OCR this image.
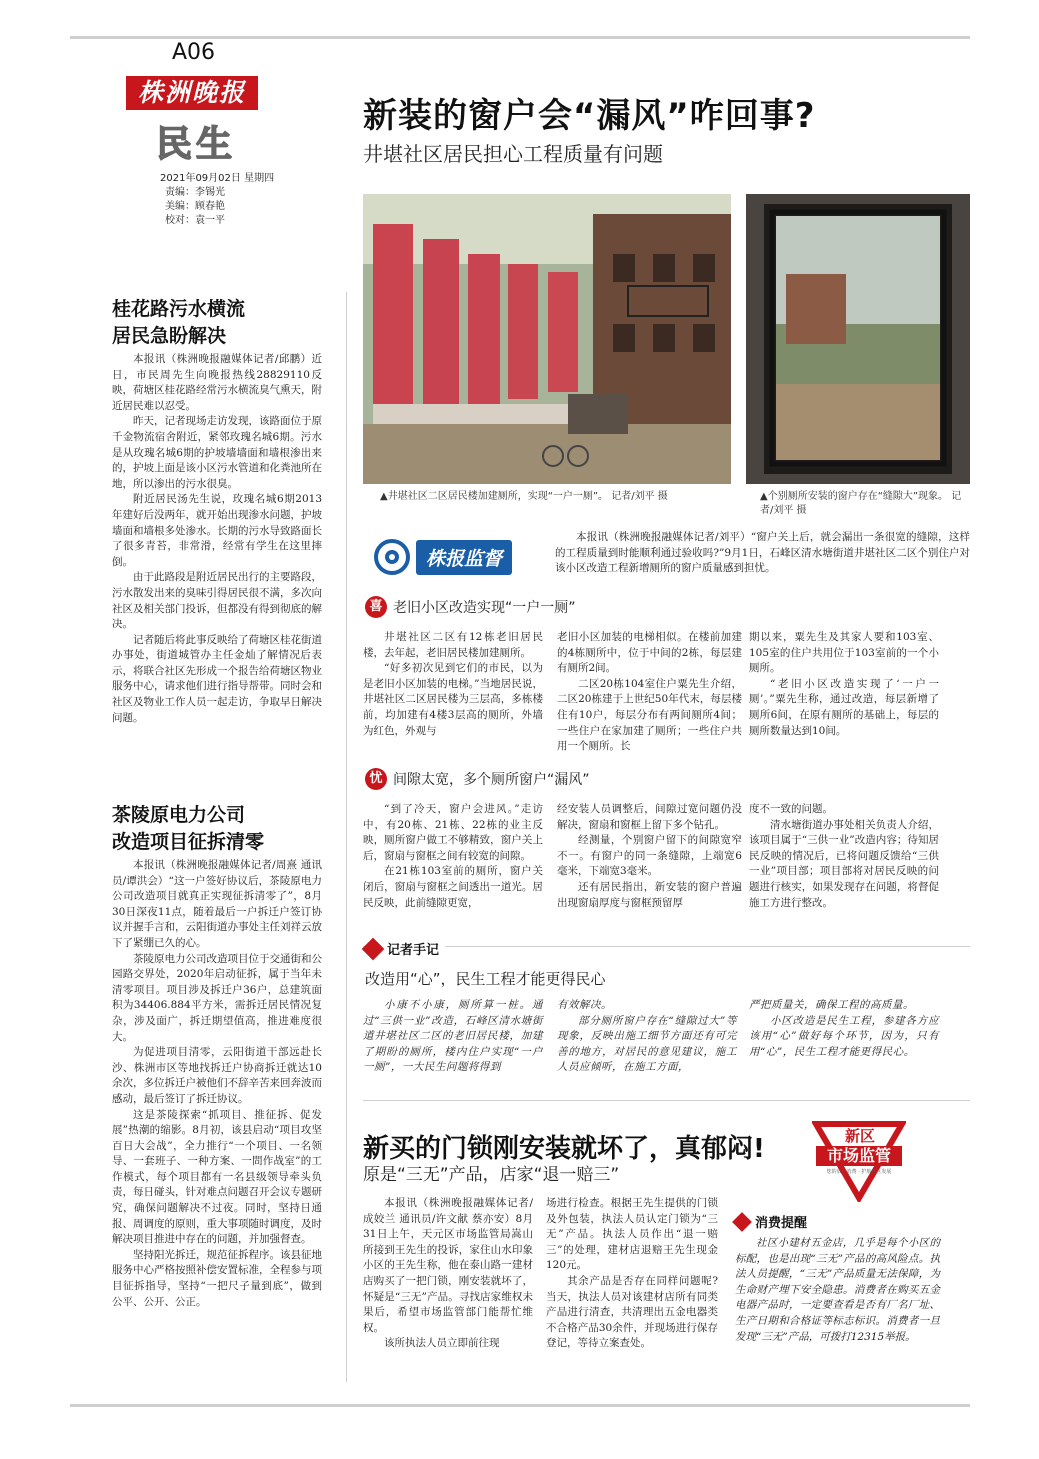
A06
株洲晚报
民生
2021年09月02日 星期四
责编：李锡光
美编：顾春艳
校对：袁一平
新装的窗户会“漏风”咋回事?
井堪社区居民担心工程质量有问题
桂花路污水横流
居民急盼解决

本报讯（株洲晚报融媒体记者/邱鹏）近日，市民周先生向晚报热线28829110反映，荷塘区桂花路经常污水横流臭气熏天，附近居民难以忍受。

昨天，记者现场走访发现，该路面位于原千金物流宿舍附近，紧邻玫瑰名城6期。污水是从玫瑰名城6期的护坡墙墙面和墙根渗出来的，护坡上面是该小区污水管道和化粪池所在地，所以渗出的污水很臭。

附近居民汤先生说，玫瑰名城6期2013年建好后没两年，就开始出现渗水问题，护坡墙面和墙根多处渗水。长期的污水导致路面长了很多青苔，非常滑，经常有学生在这里摔倒。

由于此路段是附近居民出行的主要路段，污水散发出来的臭味引得居民很不满，多次向社区及相关部门投诉，但都没有得到彻底的解决。

记者随后将此事反映给了荷塘区桂花街道办事处，街道城管办主任金灿了解情况后表示，将联合社区先形成一个报告给荷塘区物业服务中心，请求他们进行指导帮带。同时会和社区及物业工作人员一起走访，争取早日解决问题。

茶陵原电力公司
改造项目征拆清零

本报讯（株洲晚报融媒体记者/周熹 通讯员/谭洪会）“这一户签好协议后，茶陵原电力公司改造项目就真正实现征拆清零了”，8月30日深夜11点，随着最后一户拆迁户签订协议并握手言和，云阳街道办事处主任刘祥云放下了紧绷已久的心。

茶陵原电力公司改造项目位于交通街和公园路交界处，2020年启动征拆，属于当年未清零项目。项目涉及拆迁户36户，总建筑面积为34406.884平方米，需拆迁居民情况复杂，涉及面广，拆迁期望值高，推进难度很大。

为促进项目清零，云阳街道干部远赴长沙、株洲市区等地找拆迁户协商拆迁就达10余次，多位拆迁户被他们不辞辛苦来回奔波而感动，最后签订了拆迁协议。

这是茶陵探索“抓项目、推征拆、促发展”热潮的缩影。8月初，该县启动“项目攻坚百日大会战”，全力推行“一个项目、一名领导、一套班子、一种方案、一問作战室”的工作模式，每个项目都有一名县级领导牵头负责，每日碰头，针对难点问题召开会议专题研究，确保问题解决不过夜。同时，坚持日通报、周调度的原则，重大事项随时调度，及时解决项目推进中存在的问题，并加强督查。

坚持阳光拆迁，规范征拆程序。该县征地服务中心严格按照补偿安置标准，全程参与项目征拆指导，坚持“一把尺子量到底”，做到公平、公开、公正。

▲井堪社区二区居民楼加建厕所，实现“一户一厕”。 记者/刘平 摄	▲个别厕所安装的窗户存在“缝隙大”现象。 记者/刘平 摄
株报监督

本报讯（株洲晚报融媒体记者/刘平）“窗户关上后，就会漏出一条很宽的缝隙，这样的工程质量到时能顺利通过验收吗?”9月1日，石峰区清水塘街道井堪社区二区个别住户对该小区改造工程新增厕所的窗户质量感到担忧。

喜 老旧小区改造实现“一户一厕”

井堪社区二区有12栋老旧居民楼，去年起，老旧居民楼加建厕所。

“好多初次见到它们的市民，以为是老旧小区加装的电梯。”当地居民说，井堪社区二区居民楼为三层高，多栋楼前，均加建有4楼3层高的厕所，外墙为红色，外观与

老旧小区加装的电梯相似。在楼前加建的4栋厕所中，位于中间的2栋，每层建有厕所2间。

二区20栋104室住户粟先生介绍，二区20栋建于上世纪50年代末，每层楼住有10户，每层分布有两间厕所4间；一些住户在家加建了厕所；一些住户共用一个厕所。长

期以来，粟先生及其家人要和103室、105室的住户共用位于103室前的一个小厕所。

“老旧小区改造实现了‘一户一厕’。”粟先生称，通过改造，每层新增了厕所6间，在原有厕所的基础上，每层的厕所数量达到10间。

忧 间隙太宽，多个厕所窗户“漏风”

“到了冷天，窗户会进风。”走访中，有20栋、21栋、22栋的业主反映，厕所窗户做工不够精致，窗户关上后，窗扇与窗框之间有较宽的间隙。

在21栋103室前的厕所，窗户关闭后，窗扇与窗框之间透出一道光。居民反映，此前缝隙更宽，

经安装人员调整后，间隙过宽问题仍没解决，窗扇和窗框上留下多个钻孔。

经测量，个别窗户留下的间隙宽窄不一。有窗户的同一条缝隙，上端宽6毫米，下端宽3毫米。

还有居民指出，新安装的窗户普遍出现窗扇厚度与窗框预留厚

度不一致的问题。

清水塘街道办事处相关负责人介绍，该项目属于“三供一业”改造内容；待知居民反映的情况后，已将问题反馈给“三供一业”项目部；项目部将对居民反映的问题进行核实，如果发现存在问题，将督促施工方进行整改。

记者手记
改造用“心”，民生工程才能更得民心

小康不小康，厕所算一桩。通过“三供一业”改造，石峰区清水塘街道井堪社区二区的老旧居民楼，加建了期盼的厕所，楼内住户实现“一户一厕”，一大民生问题将得到

有效解决。

部分厕所窗户存在“缝隙过大”等现象，反映出施工细节方面还有可完善的地方，对居民的意见建议，施工人员应倾听，在施工方面，

严把质量关，确保工程的高质量。

小区改造是民生工程，参建各方应该用“心”做好每个环节，因为，只有用“心”，民生工程才能更得民心。

新买的门锁刚安装就坏了，真郁闷!
原是“三无”产品，店家“退一赔三”
新区
市场监管
您的放心消费 · 护航新区发展

本报讯（株洲晚报融媒体记者/成姣兰 通讯员/许文献 蔡亦安）8月31日上午，天元区市场监管局嵩山所接到王先生的投诉，家住山水印象小区的王先生称，他在泰山路一建材店购买了一把门锁，刚安装就坏了，怀疑是“三无”产品。寻找店家维权未果后，希望市场监管部门能帮忙维权。

该所执法人员立即前往现

场进行检查。根据王先生提供的门锁及外包装，执法人员认定门锁为“三无”产品。执法人员作出“退一赔三”的处理，建材店退赔王先生现金120元。

其余产品是否存在同样问题呢?当天，执法人员对该建材店所有同类产品进行清查，共清理出五金电器类不合格产品30余件，并现场进行保存登记，等待立案查处。

消费提醒

社区小建材五金店，几乎是每个小区的标配，也是出现“三无”产品的高风险点。执法人员提醒，“三无”产品质量无法保障，为生命财产埋下安全隐患。消费者在购买五金电器产品时，一定要查看是否有厂名厂址、生产日期和合格证等标志标识。消费者一旦发现“三无”产品，可拨打12315举报。
